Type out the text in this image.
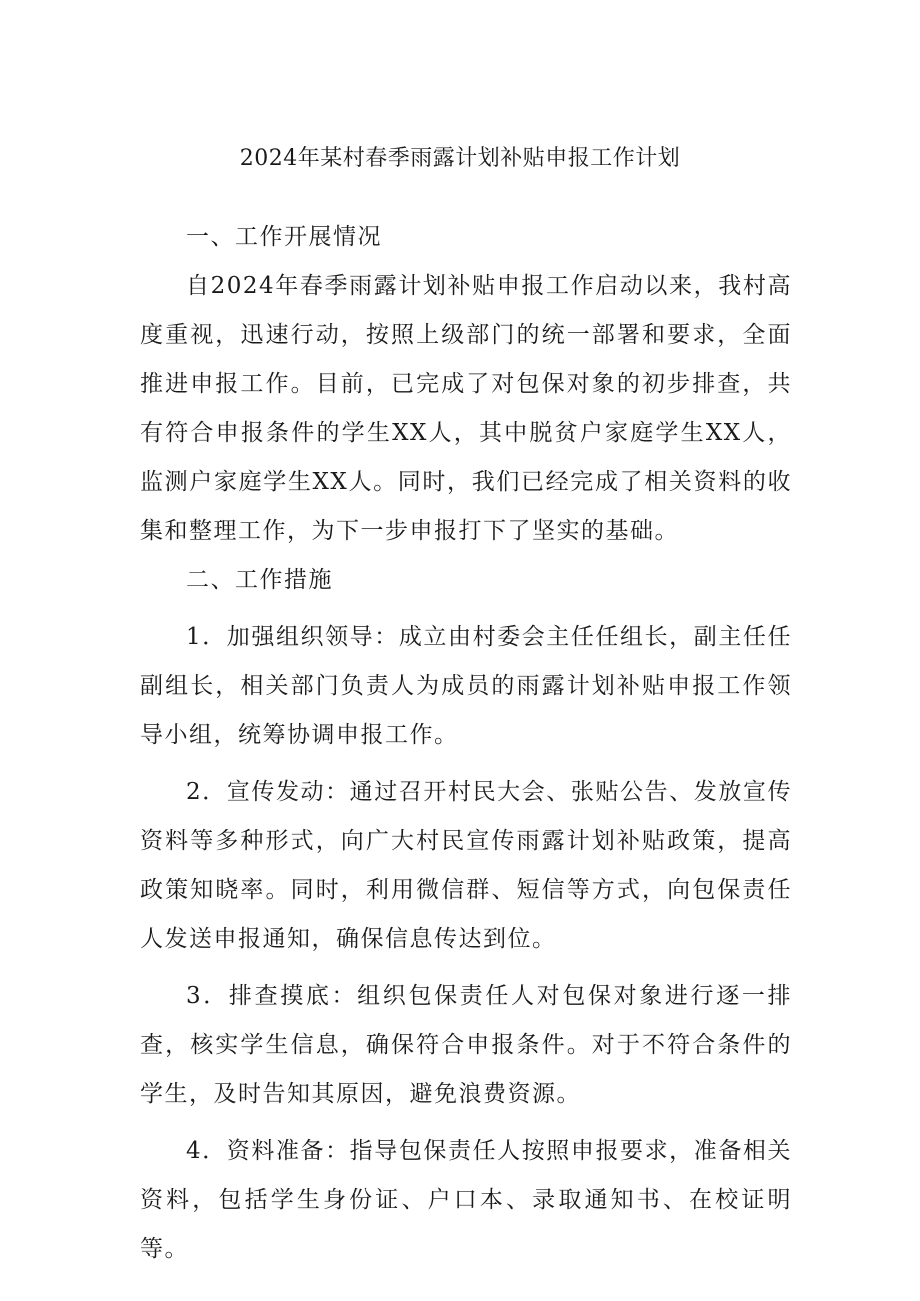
2024年某村春季雨露计划补贴申报工作计划

一、工作开展情况

自2024年春季雨露计划补贴申报工作启动以来，我村高度重视，迅速行动，按照上级部门的统一部署和要求，全面推进申报工作。目前，已完成了对包保对象的初步排查，共有符合申报条件的学生XX人，其中脱贫户家庭学生XX人，监测户家庭学生XX人。同时，我们已经完成了相关资料的收集和整理工作，为下一步申报打下了坚实的基础。

二、工作措施

1．加强组织领导：成立由村委会主任任组长，副主任任副组长，相关部门负责人为成员的雨露计划补贴申报工作领导小组，统筹协调申报工作。

2．宣传发动：通过召开村民大会、张贴公告、发放宣传资料等多种形式，向广大村民宣传雨露计划补贴政策，提高政策知晓率。同时，利用微信群、短信等方式，向包保责任人发送申报通知，确保信息传达到位。

3．排查摸底：组织包保责任人对包保对象进行逐一排查，核实学生信息，确保符合申报条件。对于不符合条件的学生，及时告知其原因，避免浪费资源。

4．资料准备：指导包保责任人按照申报要求，准备相关资料，包括学生身份证、户口本、录取通知书、在校证明等。
